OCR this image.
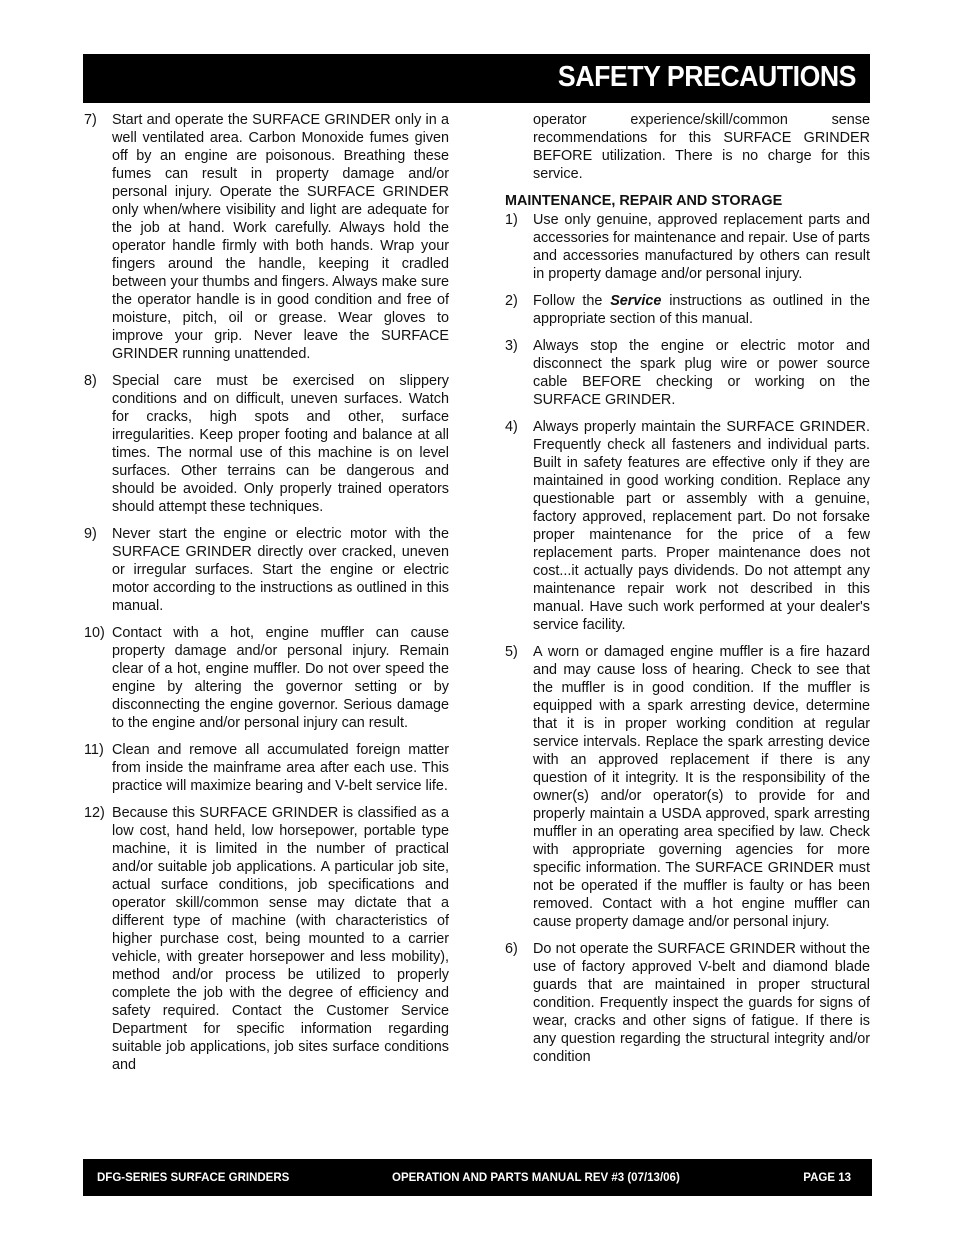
SAFETY PRECAUTIONS
7)	Start and operate the SURFACE GRINDER only in a well ventilated area. Carbon Monoxide fumes given off by an engine are poisonous. Breathing these fumes can result in property damage and/or personal injury. Operate the SURFACE GRINDER only when/where visibility and light are adequate for the job at hand. Work carefully. Always hold the operator handle firmly with both hands. Wrap your fingers around the handle, keeping it cradled between your thumbs and fingers. Always make sure the operator handle is in good condition and free of moisture, pitch, oil or grease. Wear gloves to improve your grip. Never leave the SURFACE GRINDER running unattended.
8)	Special care must be exercised on slippery conditions and on difficult, uneven surfaces. Watch for cracks, high spots and other, surface irregularities. Keep proper footing and balance at all times. The normal use of this machine is on level surfaces. Other terrains can be dangerous and should be avoided. Only properly trained operators should attempt these techniques.
9)	Never start the engine or electric motor with the SURFACE GRINDER directly over cracked, uneven or irregular surfaces. Start the engine or electric motor according to the instructions as outlined in this manual.
10) Contact with a hot, engine muffler can cause property damage and/or personal injury. Remain clear of a hot, engine muffler. Do not over speed the engine by altering the governor setting or by disconnecting the engine governor. Serious damage to the engine and/or personal injury can result.
11) Clean and remove all accumulated foreign matter from inside the mainframe area after each use. This practice will maximize bearing and V-belt service life.
12) Because this SURFACE GRINDER is classified as a low cost, hand held, low horsepower, portable type machine, it is limited in the number of practical and/or suitable job applications. A particular job site, actual surface conditions, job specifications and operator skill/common sense may dictate that a different type of machine (with characteristics of higher purchase cost, being mounted to a carrier vehicle, with greater horsepower and less mobility), method and/or process be utilized to properly complete the job with the degree of efficiency and safety required. Contact the Customer Service Department for specific information regarding suitable job applications, job sites surface conditions and
operator experience/skill/common sense recommendations for this SURFACE GRINDER BEFORE utilization. There is no charge for this service.
MAINTENANCE, REPAIR AND STORAGE
1)	Use only genuine, approved replacement parts and accessories for maintenance and repair. Use of parts and accessories manufactured by others can result in property damage and/or personal injury.
2)	Follow the Service instructions as outlined in the appropriate section of this manual.
3)	Always stop the engine or electric motor and disconnect the spark plug wire or power source cable BEFORE checking or working on the SURFACE GRINDER.
4)	Always properly maintain the SURFACE GRINDER. Frequently check all fasteners and individual parts. Built in safety features are effective only if they are maintained in good working condition. Replace any questionable part or assembly with a genuine, factory approved, replacement part. Do not forsake proper maintenance for the price of a few replacement parts. Proper maintenance does not cost...it actually pays dividends. Do not attempt any maintenance repair work not described in this manual. Have such work performed at your dealer's service facility.
5)	A worn or damaged engine muffler is a fire hazard and may cause loss of hearing. Check to see that the muffler is in good condition. If the muffler is equipped with a spark arresting device, determine that it is in proper working condition at regular service intervals. Replace the spark arresting device with an approved replacement if there is any question of it integrity. It is the responsibility of the owner(s) and/or operator(s) to provide for and properly maintain a USDA approved, spark arresting muffler in an operating area specified by law. Check with appropriate governing agencies for more specific information. The SURFACE GRINDER must not be operated if the muffler is faulty or has been removed. Contact with a hot engine muffler can cause property damage and/or personal injury.
6)	Do not operate the SURFACE GRINDER without the use of factory approved V-belt and diamond blade guards that are maintained in proper structural condition. Frequently inspect the guards for signs of wear, cracks and other signs of fatigue. If there is any question regarding the structural integrity and/or condition
DFG-SERIES SURFACE GRINDERS	OPERATION AND PARTS MANUAL REV #3 (07/13/06)	PAGE 13
